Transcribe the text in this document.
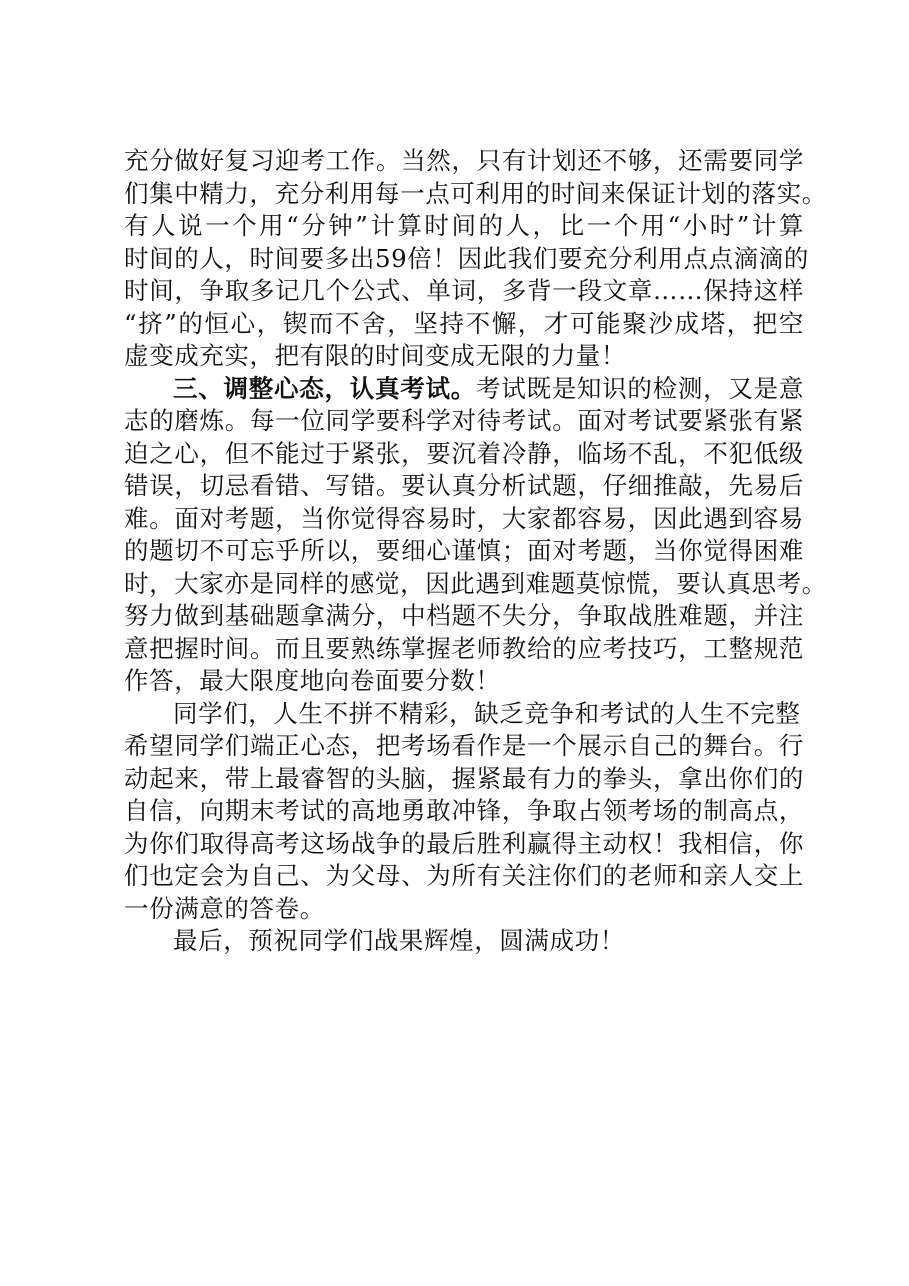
充分做好复习迎考工作。当然，只有计划还不够，还需要同学
们集中精力，充分利用每一点可利用的时间来保证计划的落实。
有人说一个用“分钟”计算时间的人，比一个用“小时”计算
时间的人，时间要多出59倍！因此我们要充分利用点点滴滴的
时间，争取多记几个公式、单词，多背一段文章……保持这样
“挤”的恒心，锲而不舍，坚持不懈，才可能聚沙成塔，把空
虚变成充实，把有限的时间变成无限的力量！
三、调整心态，认真考试。考试既是知识的检测，又是意
志的磨炼。每一位同学要科学对待考试。面对考试要紧张有紧
迫之心，但不能过于紧张，要沉着冷静，临场不乱，不犯低级
错误，切忌看错、写错。要认真分析试题，仔细推敲，先易后
难。面对考题，当你觉得容易时，大家都容易，因此遇到容易
的题切不可忘乎所以，要细心谨慎；面对考题，当你觉得困难
时，大家亦是同样的感觉，因此遇到难题莫惊慌，要认真思考。
努力做到基础题拿满分，中档题不失分，争取战胜难题，并注
意把握时间。而且要熟练掌握老师教给的应考技巧，工整规范
作答，最大限度地向卷面要分数！
同学们，人生不拼不精彩，缺乏竞争和考试的人生不完整
希望同学们端正心态，把考场看作是一个展示自己的舞台。行
动起来，带上最睿智的头脑，握紧最有力的拳头，拿出你们的
自信，向期末考试的高地勇敢冲锋，争取占领考场的制高点，
为你们取得高考这场战争的最后胜利赢得主动权！我相信，你
们也定会为自己、为父母、为所有关注你们的老师和亲人交上
一份满意的答卷。
最后，预祝同学们战果辉煌，圆满成功！
